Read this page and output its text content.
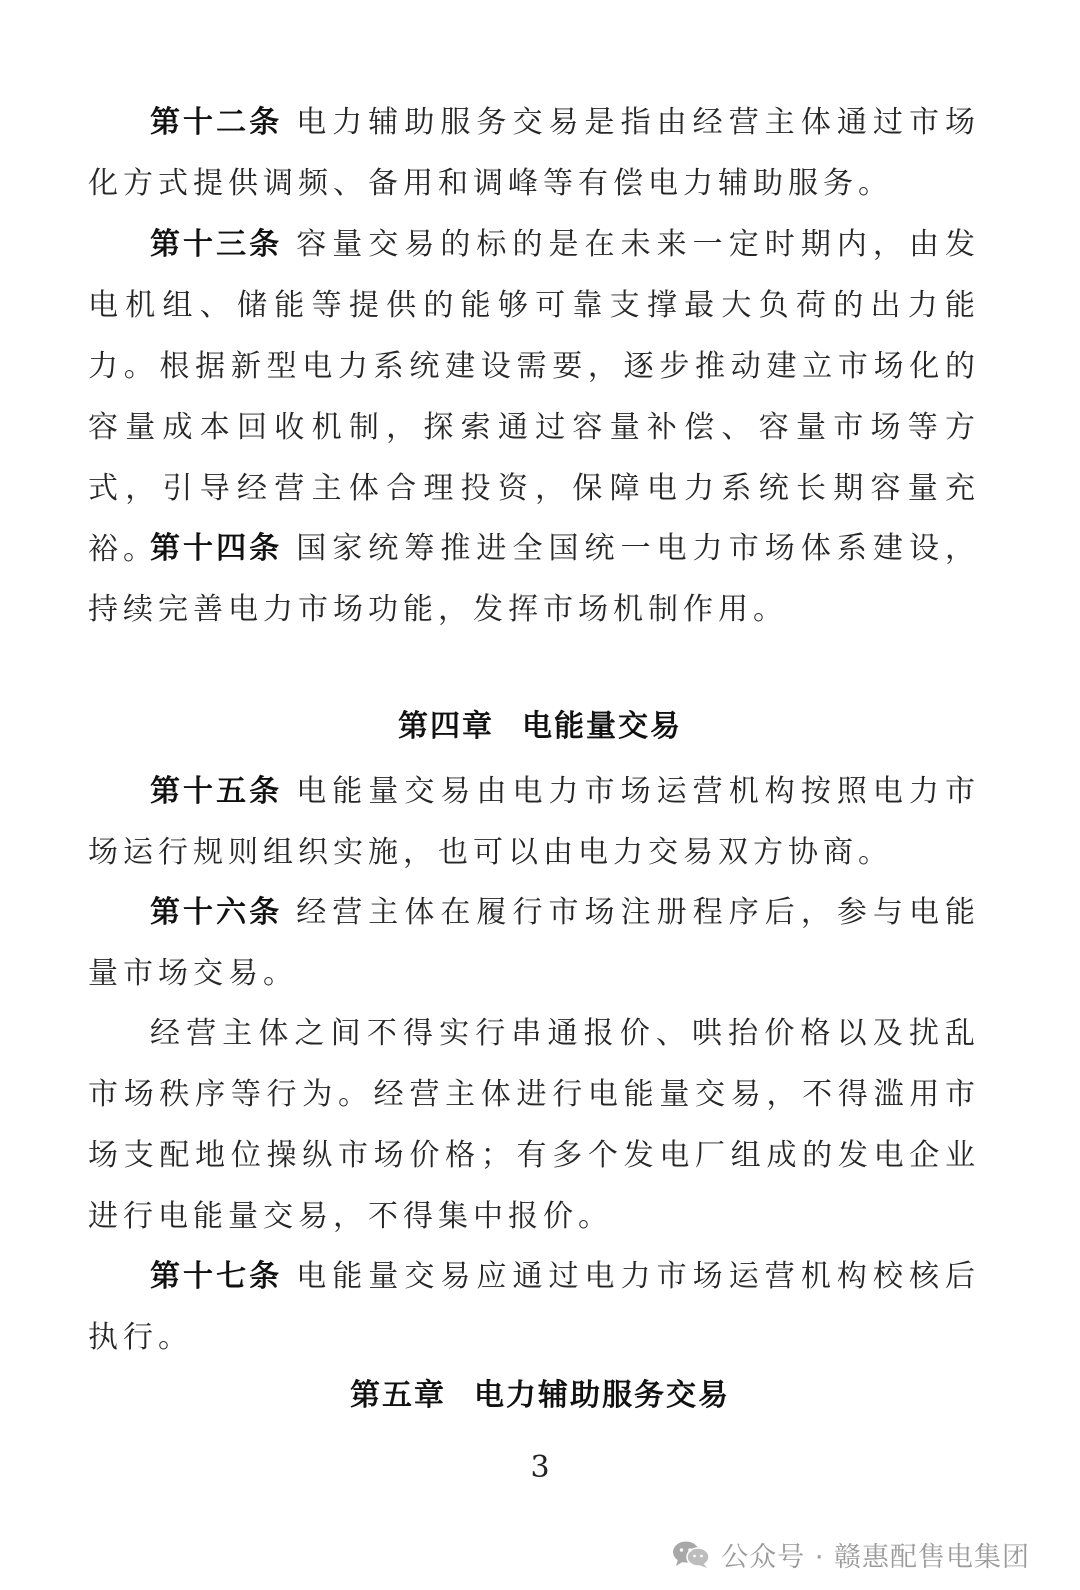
第十二条 电力辅助服务交易是指由经营主体通过市场化方式提供调频、备用和调峰等有偿电力辅助服务。

第十三条 容量交易的标的是在未来一定时期内，由发电机组、储能等提供的能够可靠支撑最大负荷的出力能力。根据新型电力系统建设需要，逐步推动建立市场化的容量成本回收机制，探索通过容量补偿、容量市场等方式，引导经营主体合理投资，保障电力系统长期容量充裕。

第十四条 国家统筹推进全国统一电力市场体系建设，持续完善电力市场功能，发挥市场机制作用。

第四章 电能量交易

第十五条 电能量交易由电力市场运营机构按照电力市场运行规则组织实施，也可以由电力交易双方协商。

第十六条 经营主体在履行市场注册程序后，参与电能量市场交易。

经营主体之间不得实行串通报价、哄抬价格以及扰乱市场秩序等行为。经营主体进行电能量交易，不得滥用市场支配地位操纵市场价格；有多个发电厂组成的发电企业进行电能量交易，不得集中报价。

第十七条 电能量交易应通过电力市场运营机构校核后执行。

第五章 电力辅助服务交易
3
公众号 · 赣惠配售电集团
